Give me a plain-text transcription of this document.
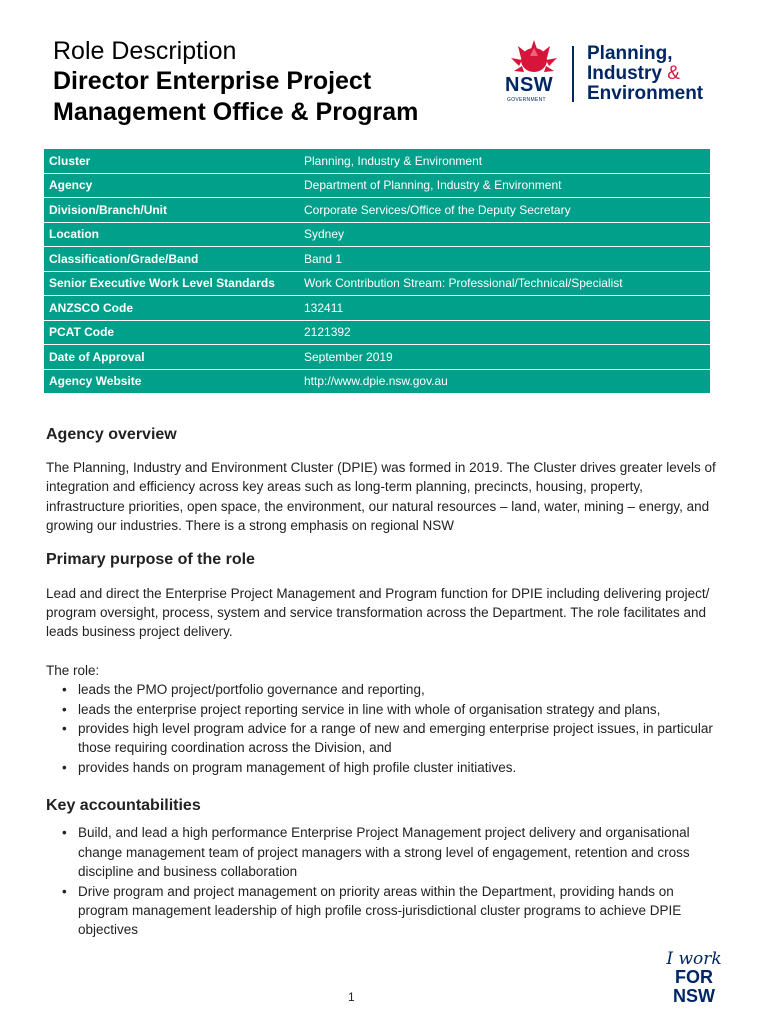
Role Description
Director Enterprise Project
Management Office & Program
NSW
GOVERNMENT
Planning,
Industry &
Environment
Cluster	Planning, Industry & Environment
Agency	Department of Planning, Industry & Environment
Division/Branch/Unit	Corporate Services/Office of the Deputy Secretary
Location	Sydney
Classification/Grade/Band	Band 1
Senior Executive Work Level Standards	Work Contribution Stream: Professional/Technical/Specialist
ANZSCO Code	132411
PCAT Code	2121392
Date of Approval	September 2019
Agency Website	http://www.dpie.nsw.gov.au
Agency overview

The Planning, Industry and Environment Cluster (DPIE) was formed in 2019. The Cluster drives greater levels of integration and efficiency across key areas such as long-term planning, precincts, housing, property, infrastructure priorities, open space, the environment, our natural resources – land, water, mining – energy, and growing our industries. There is a strong emphasis on regional NSW

Primary purpose of the role

Lead and direct the Enterprise Project Management and Program function for DPIE including delivering project/ program oversight, process, system and service transformation across the Department. The role facilitates and leads business project delivery.

The role:

• leads the PMO project/portfolio governance and reporting,
• leads the enterprise project reporting service in line with whole of organisation strategy and plans,
• provides high level program advice for a range of new and emerging enterprise project issues, in particular those requiring coordination across the Division, and
• provides hands on program management of high profile cluster initiatives.
Key accountabilities
• Build, and lead a high performance Enterprise Project Management project delivery and organisational change management team of project managers with a strong level of engagement, retention and cross discipline and business collaboration
• Drive program and project management on priority areas within the Department, providing hands on program management leadership of high profile cross-jurisdictional cluster programs to achieve DPIE objectives
1
I work
FOR
NSW
